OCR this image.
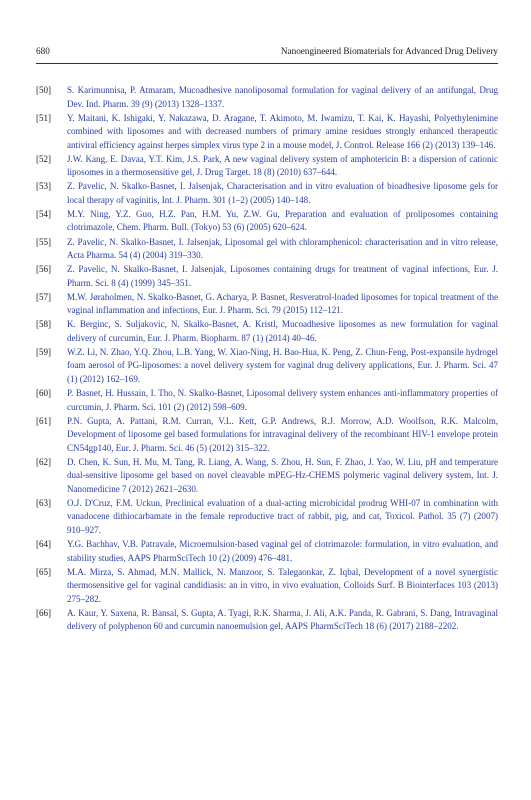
680	Nanoengineered Biomaterials for Advanced Drug Delivery
[50] S. Karimunnisa, P. Atmaram, Mucoadhesive nanoliposomal formulation for vaginal delivery of an antifungal, Drug Dev. Ind. Pharm. 39 (9) (2013) 1328–1337.
[51] Y. Maitani, K. Ishigaki, Y. Nakazawa, D. Aragane, T. Akimoto, M. Iwamizu, T. Kai, K. Hayashi, Polyethylenimine combined with liposomes and with decreased numbers of primary amine residues strongly enhanced therapeutic antiviral efficiency against herpes simplex virus type 2 in a mouse model, J. Control. Release 166 (2) (2013) 139–146.
[52] J.W. Kang, E. Davaa, Y.T. Kim, J.S. Park, A new vaginal delivery system of amphotericin B: a dispersion of cationic liposomes in a thermosensitive gel, J. Drug Target. 18 (8) (2010) 637–644.
[53] Z. Pavelic, N. Skalko-Basnet, I. Jalsenjak, Characterisation and in vitro evaluation of bioadhesive liposome gels for local therapy of vaginitis, Int. J. Pharm. 301 (1–2) (2005) 140–148.
[54] M.Y. Ning, Y.Z. Guo, H.Z. Pan, H.M. Yu, Z.W. Gu, Preparation and evaluation of proliposomes containing clotrimazole, Chem. Pharm. Bull. (Tokyo) 53 (6) (2005) 620–624.
[55] Z. Pavelic, N. Skalko-Basnet, I. Jalsenjak, Liposomal gel with chloramphenicol: characterisation and in vitro release, Acta Pharma. 54 (4) (2004) 319–330.
[56] Z. Pavelic, N. Skalko-Basnet, I. Jalsenjak, Liposomes containing drugs for treatment of vaginal infections, Eur. J. Pharm. Sci. 8 (4) (1999) 345–351.
[57] M.W. Jøraholmen, N. Skalko-Basnet, G. Acharya, P. Basnet, Resveratrol-loaded liposomes for topical treatment of the vaginal inflammation and infections, Eur. J. Pharm. Sci. 79 (2015) 112–121.
[58] K. Berginc, S. Suljakovic, N. Skalko-Basnet, A. Kristl, Mucoadhesive liposomes as new formulation for vaginal delivery of curcumin, Eur. J. Pharm. Biopharm. 87 (1) (2014) 40–46.
[59] W.Z. Li, N. Zhao, Y.Q. Zhou, L.B. Yang, W. Xiao-Ning, H. Bao-Hua, K. Peng, Z. Chun-Feng, Post-expansile hydrogel foam aerosol of PG-liposomes: a novel delivery system for vaginal drug delivery applications, Eur. J. Pharm. Sci. 47 (1) (2012) 162–169.
[60] P. Basnet, H. Hussain, I. Tho, N. Skalko-Basnet, Liposomal delivery system enhances anti-inflammatory properties of curcumin, J. Pharm. Sci. 101 (2) (2012) 598–609.
[61] P.N. Gupta, A. Pattani, R.M. Curran, V.L. Kett, G.P. Andrews, R.J. Morrow, A.D. Woolfson, R.K. Malcolm, Development of liposome gel based formulations for intravaginal delivery of the recombinant HIV-1 envelope protein CN54gp140, Eur. J. Pharm. Sci. 46 (5) (2012) 315–322.
[62] D. Chen, K. Sun, H. Mu, M. Tang, R. Liang, A. Wang, S. Zhou, H. Sun, F. Zhao, J. Yao, W. Liu, pH and temperature dual-sensitive liposome gel based on novel cleavable mPEG-Hz-CHEMS polymeric vaginal delivery system, Int. J. Nanomedicine 7 (2012) 2621–2630.
[63] O.J. D'Cruz, F.M. Uckun, Preclinical evaluation of a dual-acting microbicidal prodrug WHI-07 in combination with vanadocene dithiocarbamate in the female reproductive tract of rabbit, pig, and cat, Toxicol. Pathol. 35 (7) (2007) 910–927.
[64] Y.G. Bachhav, V.B. Patravale, Microemulsion-based vaginal gel of clotrimazole: formulation, in vitro evaluation, and stability studies, AAPS PharmSciTech 10 (2) (2009) 476–481.
[65] M.A. Mirza, S. Ahmad, M.N. Mallick, N. Manzoor, S. Talegaonkar, Z. Iqbal, Development of a novel synergistic thermosensitive gel for vaginal candidiasis: an in vitro, in vivo evaluation, Colloids Surf. B Biointerfaces 103 (2013) 275–282.
[66] A. Kaur, Y. Saxena, R. Bansal, S. Gupta, A. Tyagi, R.K. Sharma, J. Ali, A.K. Panda, R. Gabrani, S. Dang, Intravaginal delivery of polyphenon 60 and curcumin nanoemulsion gel, AAPS PharmSciTech 18 (6) (2017) 2188–2202.
